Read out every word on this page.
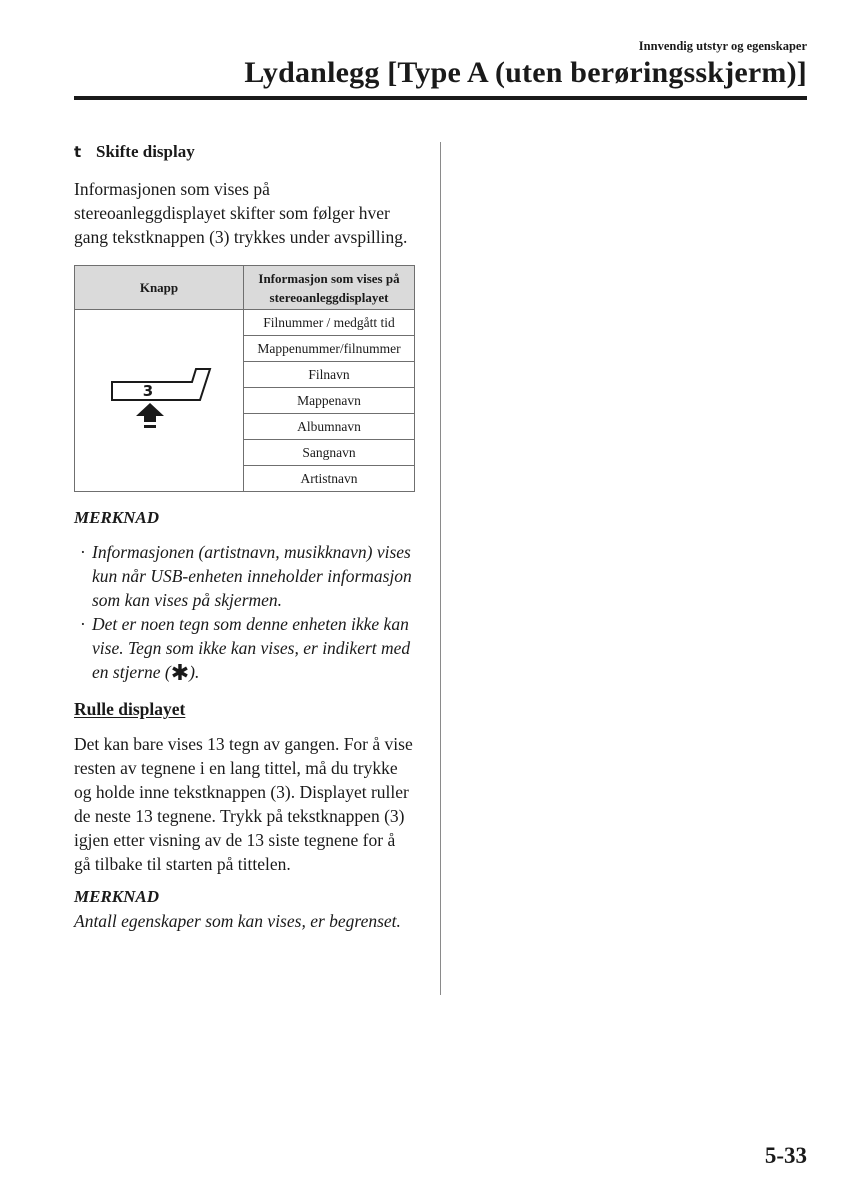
Innvendig utstyr og egenskaper
Lydanlegg [Type A (uten berøringsskjerm)]
t Skifte display
Informasjonen som vises på stereoanleggdisplayet skifter som følger hver gang tekstknappen (3) trykkes under avspilling.
Knapp	Informasjon som vises på stereoanleggdisplayet

3	Filnummer / medgått tid
	Mappenummer/filnummer
	Filnavn
	Mappenavn
	Albumnavn
	Sangnavn
	Artistnavn
MERKNAD
· Informasjonen (artistnavn, musikknavn) vises kun når USB-enheten inneholder informasjon som kan vises på skjermen.
· Det er noen tegn som denne enheten ikke kan vise. Tegn som ikke kan vises, er indikert med en stjerne (✱).
Rulle displayet
Det kan bare vises 13 tegn av gangen. For å vise resten av tegnene i en lang tittel, må du trykke og holde inne tekstknappen (3). Displayet ruller de neste 13 tegnene. Trykk på tekstknappen (3) igjen etter visning av de 13 siste tegnene for å gå tilbake til starten på tittelen.
MERKNAD
Antall egenskaper som kan vises, er begrenset.
5-33
